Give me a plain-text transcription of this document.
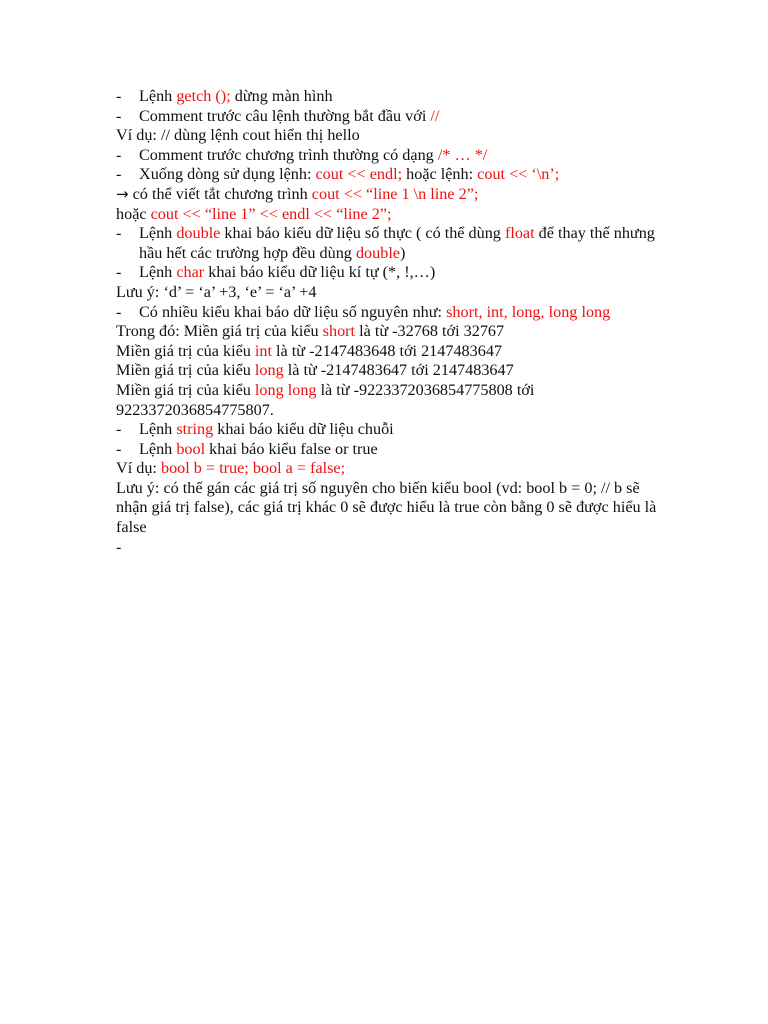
- Lệnh getch (); dừng màn hình
- Comment trước câu lệnh thường bắt đầu với //
Ví dụ: // dùng lệnh cout hiển thị hello
- Comment trước chương trình thường có dạng /* … */
- Xuống dòng sử dụng lệnh: cout << endl; hoặc lệnh: cout << ‘\n’;
→ có thể viết tắt chương trình cout << “line 1 \n line 2”;
hoặc cout << “line 1” << endl << “line 2”;
- Lệnh double khai báo kiểu dữ liệu số thực ( có thể dùng float để thay thế nhưng hầu hết các trường hợp đều dùng double)
- Lệnh char khai báo kiểu dữ liệu kí tự (*, !,…)
Lưu ý: ‘d’ = ‘a’ +3, ‘e’ = ‘a’ +4
- Có nhiều kiểu khai báo dữ liệu số nguyên như: short, int, long, long long
Trong đó: Miền giá trị của kiểu short là từ -32768 tới 32767
Miền giá trị của kiểu int là từ -2147483648 tới 2147483647
Miền giá trị của kiểu long là từ -2147483647 tới 2147483647
Miền giá trị của kiểu long long là từ -9223372036854775808 tới 9223372036854775807.
- Lệnh string khai báo kiểu dữ liệu chuỗi
- Lệnh bool khai báo kiểu false or true
Ví dụ: bool b = true; bool a = false;
Lưu ý: có thể gán các giá trị số nguyên cho biến kiểu bool (vd: bool b = 0; // b sẽ nhận giá trị false), các giá trị khác 0 sẽ được hiểu là true còn bằng 0 sẽ được hiểu là false
-
